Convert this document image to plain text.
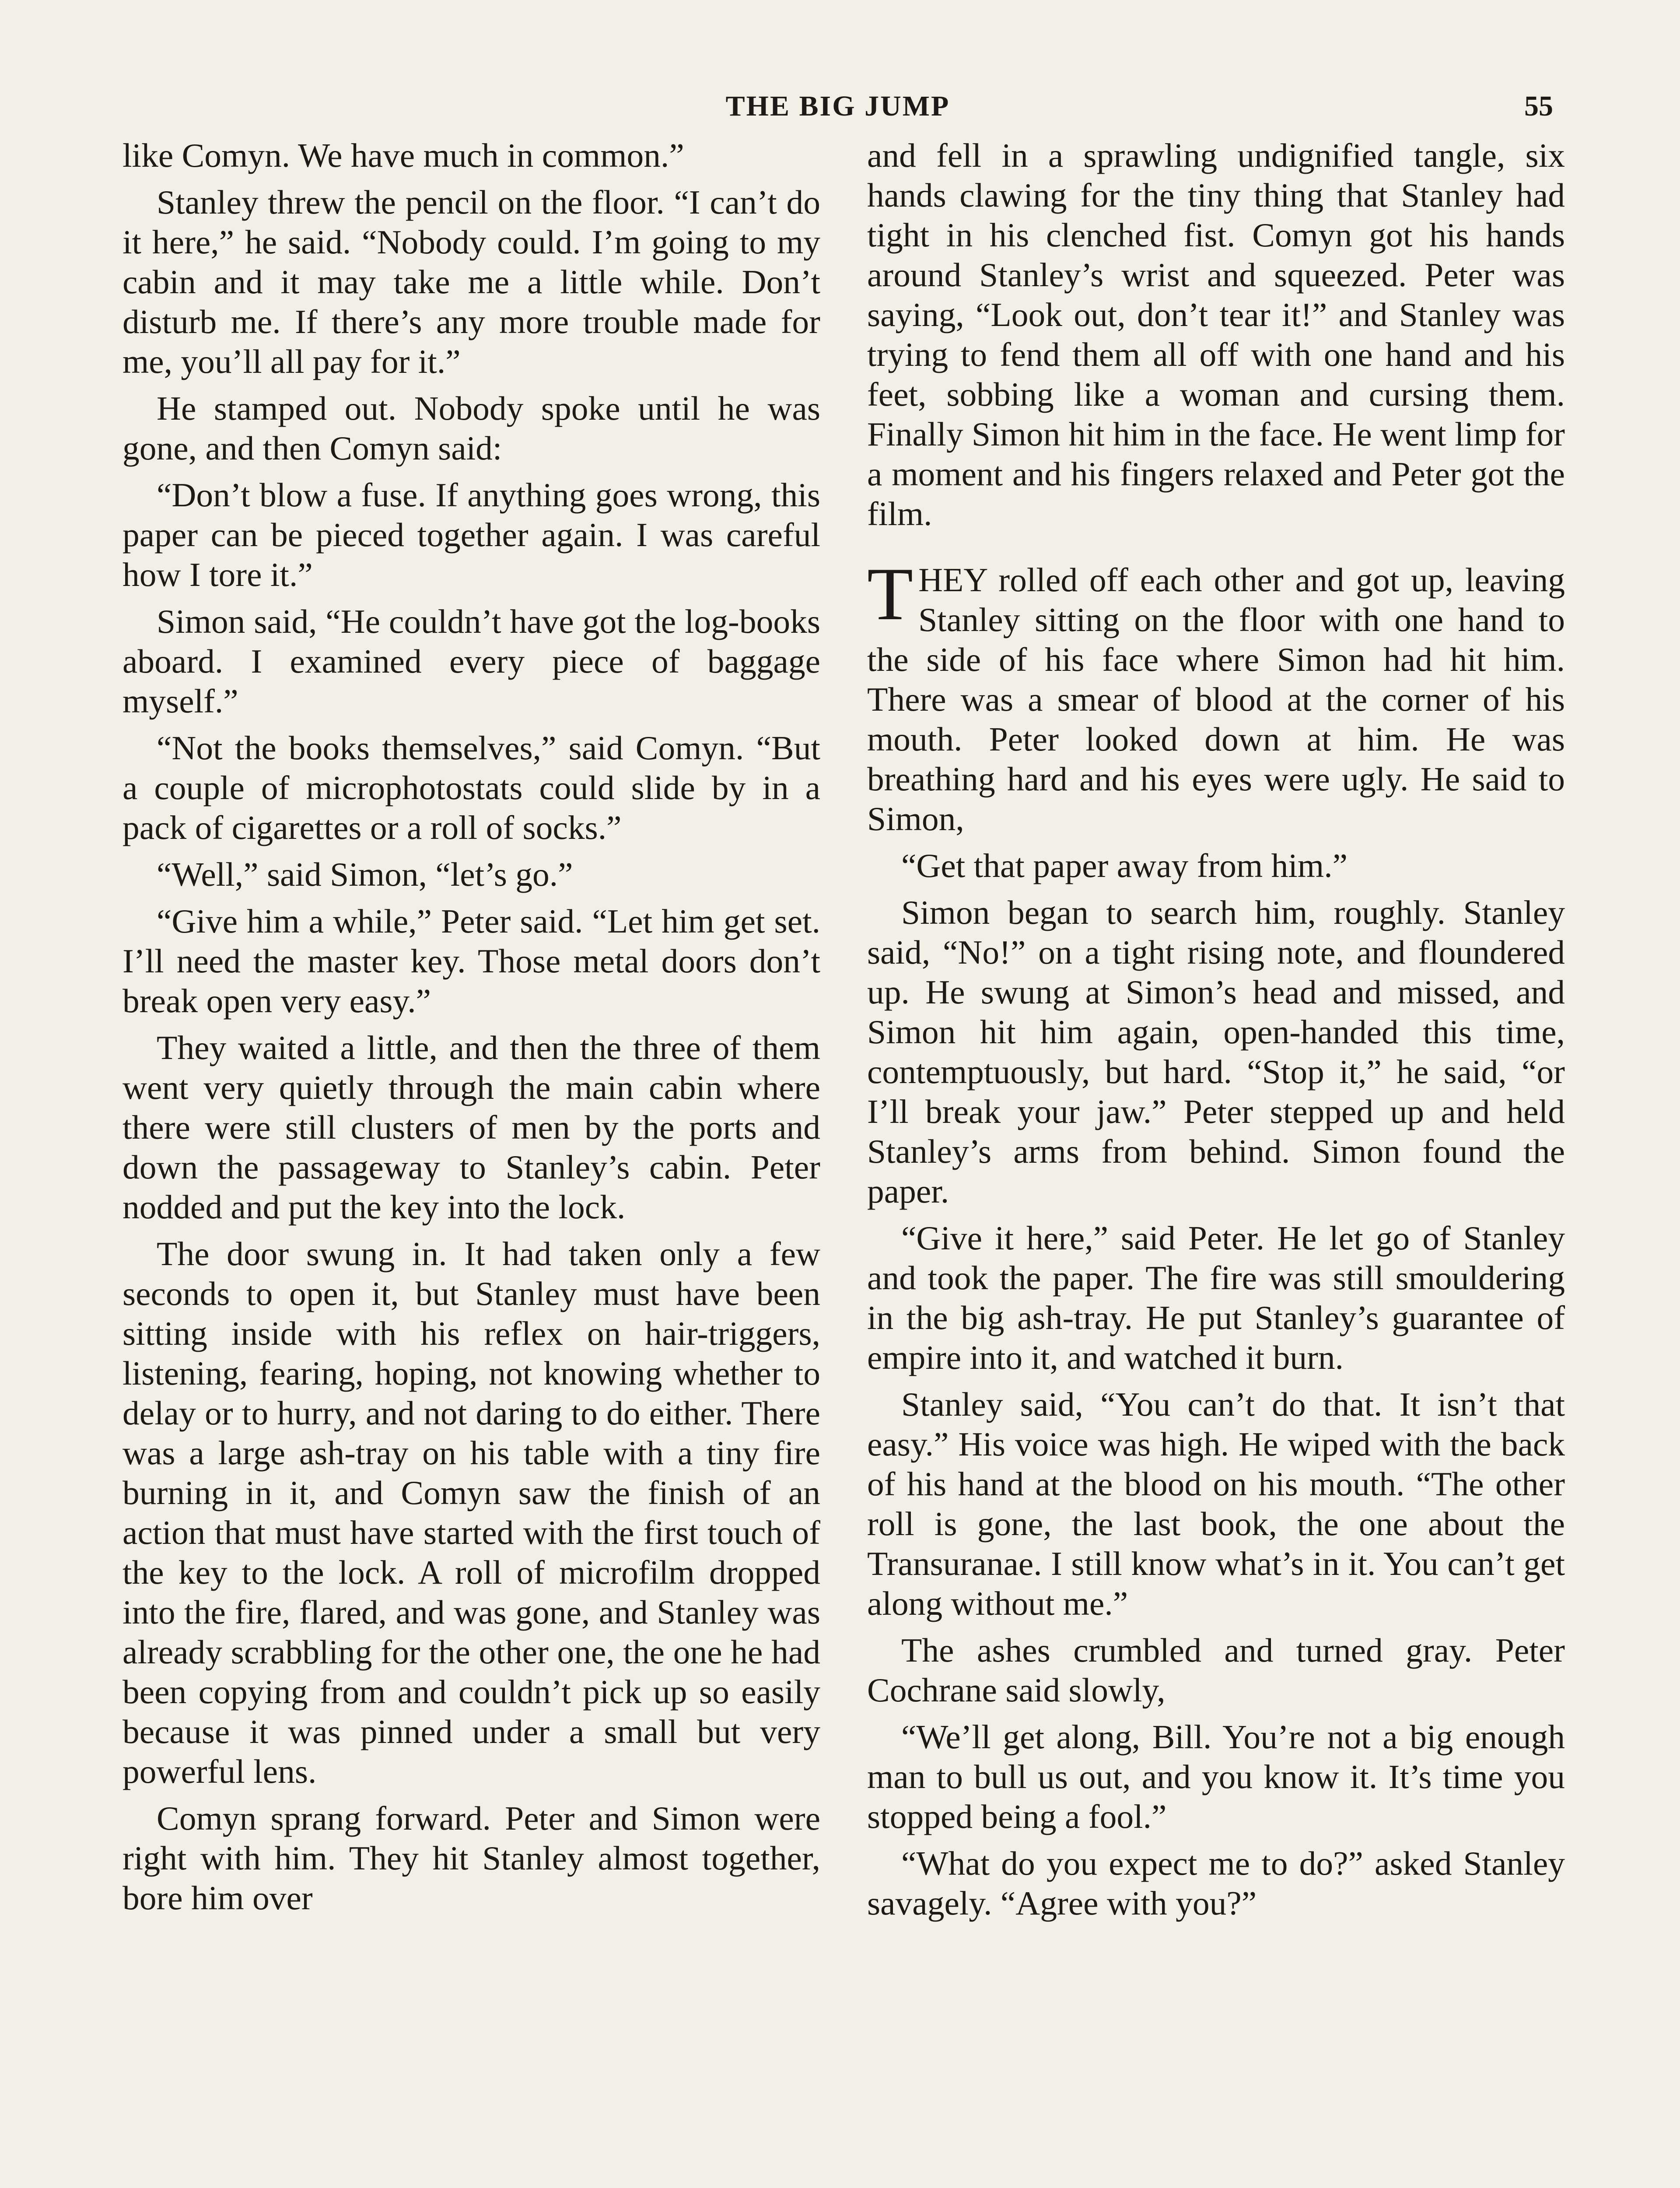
THE BIG JUMP	55

like Comyn. We have much in common.”

Stanley threw the pencil on the floor. “I can’t do it here,” he said. “Nobody could. I’m going to my cabin and it may take me a little while. Don’t disturb me. If there’s any more trouble made for me, you’ll all pay for it.”

He stamped out. Nobody spoke until he was gone, and then Comyn said:

“Don’t blow a fuse. If anything goes wrong, this paper can be pieced together again. I was careful how I tore it.”

Simon said, “He couldn’t have got the log-books aboard. I examined every piece of baggage myself.”

“Not the books themselves,” said Comyn. “But a couple of microphotostats could slide by in a pack of cigarettes or a roll of socks.”

“Well,” said Simon, “let’s go.”

“Give him a while,” Peter said. “Let him get set. I’ll need the master key. Those metal doors don’t break open very easy.”

They waited a little, and then the three of them went very quietly through the main cabin where there were still clusters of men by the ports and down the passageway to Stanley’s cabin. Peter nodded and put the key into the lock.

The door swung in. It had taken only a few seconds to open it, but Stanley must have been sitting inside with his reflex on hair-triggers, listening, fearing, hoping, not knowing whether to delay or to hurry, and not daring to do either. There was a large ash-tray on his table with a tiny fire burning in it, and Comyn saw the finish of an action that must have started with the first touch of the key to the lock. A roll of microfilm dropped into the fire, flared, and was gone, and Stanley was already scrabbling for the other one, the one he had been copying from and couldn’t pick up so easily because it was pinned under a small but very powerful lens.

Comyn sprang forward. Peter and Simon were right with him. They hit Stanley almost together, bore him over

and fell in a sprawling undignified tangle, six hands clawing for the tiny thing that Stanley had tight in his clenched fist. Comyn got his hands around Stanley’s wrist and squeezed. Peter was saying, “Look out, don’t tear it!” and Stanley was trying to fend them all off with one hand and his feet, sobbing like a woman and cursing them. Finally Simon hit him in the face. He went limp for a moment and his fingers relaxed and Peter got the film.

THEY rolled off each other and got up, leaving Stanley sitting on the floor with one hand to the side of his face where Simon had hit him. There was a smear of blood at the corner of his mouth. Peter looked down at him. He was breathing hard and his eyes were ugly. He said to Simon,

“Get that paper away from him.”

Simon began to search him, roughly. Stanley said, “No!” on a tight rising note, and floundered up. He swung at Simon’s head and missed, and Simon hit him again, open-handed this time, contemptuously, but hard. “Stop it,” he said, “or I’ll break your jaw.” Peter stepped up and held Stanley’s arms from behind. Simon found the paper.

“Give it here,” said Peter. He let go of Stanley and took the paper. The fire was still smouldering in the big ash-tray. He put Stanley’s guarantee of empire into it, and watched it burn.

Stanley said, “You can’t do that. It isn’t that easy.” His voice was high. He wiped with the back of his hand at the blood on his mouth. “The other roll is gone, the last book, the one about the Transuranae. I still know what’s in it. You can’t get along without me.”

The ashes crumbled and turned gray. Peter Cochrane said slowly,

“We’ll get along, Bill. You’re not a big enough man to bull us out, and you know it. It’s time you stopped being a fool.”

“What do you expect me to do?” asked Stanley savagely. “Agree with you?”
